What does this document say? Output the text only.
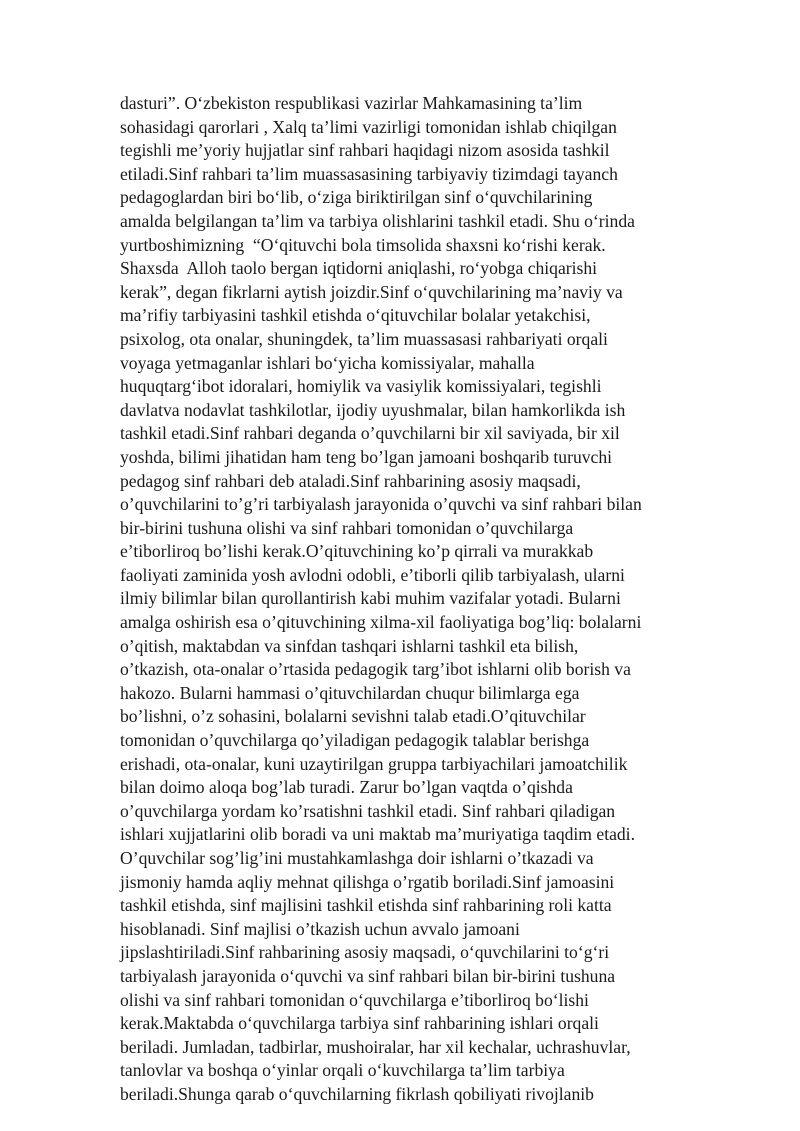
dasturi”. O‘zbekiston respublikasi vazirlar Mahkamasining ta’lim
sohasidagi qarorlari , Xalq ta’limi vazirligi tomonidan ishlab chiqilgan
tegishli me’yoriy hujjatlar sinf rahbari haqidagi nizom asosida tashkil
etiladi.Sinf rahbari ta’lim muassasasining tarbiyaviy tizimdagi tayanch
pedagoglardan biri bo‘lib, o‘ziga biriktirilgan sinf o‘quvchilarining
amalda belgilangan ta’lim va tarbiya olishlarini tashkil etadi. Shu o‘rinda
yurtboshimizning  “O‘qituvchi bola timsolida shaxsni ko‘rishi kerak.
Shaxsda  Alloh taolo bergan iqtidorni aniqlashi, ro‘yobga chiqarishi
kerak”, degan fikrlarni aytish joizdir.Sinf o‘quvchilarining ma’naviy va
ma’rifiy tarbiyasini tashkil etishda o‘qituvchilar bolalar yetakchisi,
psixolog, ota onalar, shuningdek, ta’lim muassasasi rahbariyati orqali
voyaga yetmaganlar ishlari bo‘yicha komissiyalar, mahalla
huquqtarg‘ibot idoralari, homiylik va vasiylik komissiyalari, tegishli
davlatva nodavlat tashkilotlar, ijodiy uyushmalar, bilan hamkorlikda ish
tashkil etadi.Sinf rahbari deganda o’quvchilarni bir xil saviyada, bir xil
yoshda, bilimi jihatidan ham teng bo’lgan jamoani boshqarib turuvchi
pedagog sinf rahbari deb ataladi.Sinf rahbarining asosiy maqsadi,
o’quvchilarini to’g’ri tarbiyalash jarayonida o’quvchi va sinf rahbari bilan
bir-birini tushuna olishi va sinf rahbari tomonidan o’quvchilarga
e’tiborliroq bo’lishi kerak.O’qituvchining ko’p qirrali va murakkab
faoliyati zaminida yosh avlodni odobli, e’tiborli qilib tarbiyalash, ularni
ilmiy bilimlar bilan qurollantirish kabi muhim vazifalar yotadi. Bularni
amalga oshirish esa o’qituvchining xilma-xil faoliyatiga bog’liq: bolalarni
o’qitish, maktabdan va sinfdan tashqari ishlarni tashkil eta bilish,
o’tkazish, ota-onalar o’rtasida pedagogik targ’ibot ishlarni olib borish va
hakozo. Bularni hammasi o’qituvchilardan chuqur bilimlarga ega
bo’lishni, o’z sohasini, bolalarni sevishni talab etadi.O’qituvchilar
tomonidan o’quvchilarga qo’yiladigan pedagogik talablar berishga
erishadi, ota-onalar, kuni uzaytirilgan gruppa tarbiyachilari jamoatchilik
bilan doimo aloqa bog’lab turadi. Zarur bo’lgan vaqtda o’qishda
o’quvchilarga yordam ko’rsatishni tashkil etadi. Sinf rahbari qiladigan
ishlari xujjatlarini olib boradi va uni maktab ma’muriyatiga taqdim etadi.
O’quvchilar sog’lig’ini mustahkamlashga doir ishlarni o’tkazadi va
jismoniy hamda aqliy mehnat qilishga o’rgatib boriladi.Sinf jamoasini
tashkil etishda, sinf majlisini tashkil etishda sinf rahbarining roli katta
hisoblanadi. Sinf majlisi o’tkazish uchun avvalo jamoani
jipslashtiriladi.Sinf rahbarining asosiy maqsadi, o‘quvchilarini to‘g‘ri
tarbiyalash jarayonida o‘quvchi va sinf rahbari bilan bir-birini tushuna
olishi va sinf rahbari tomonidan o‘quvchilarga e’tiborliroq bo‘lishi
kerak.Maktabda o‘quvchilarga tarbiya sinf rahbarining ishlari orqali
beriladi. Jumladan, tadbirlar, mushoiralar, har xil kechalar, uchrashuvlar,
tanlovlar va boshqa o‘yinlar orqali o‘kuvchilarga ta’lim tarbiya
beriladi.Shunga qarab o‘quvchilarning fikrlash qobiliyati rivojlanib
